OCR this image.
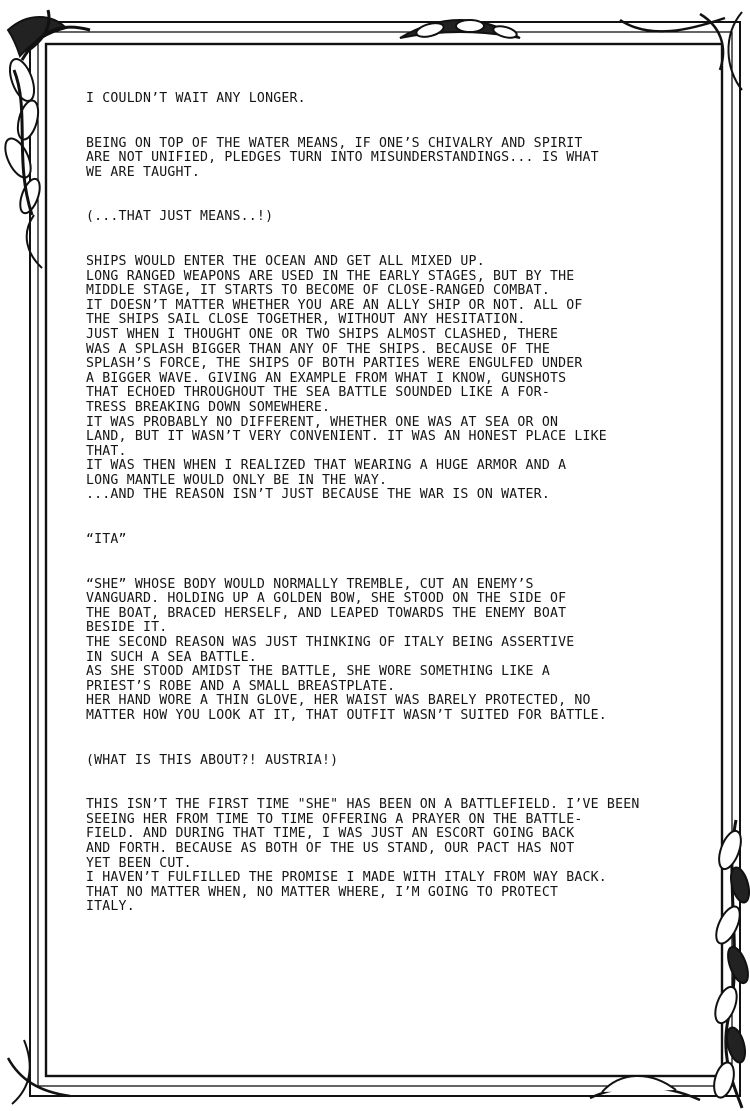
I COULDN’T WAIT ANY LONGER.

BEING ON TOP OF THE WATER MEANS, IF ONE’S CHIVALRY AND SPIRIT
ARE NOT UNIFIED, PLEDGES TURN INTO MISUNDERSTANDINGS... IS WHAT
WE ARE TAUGHT.

(...THAT JUST MEANS..!)

SHIPS WOULD ENTER THE OCEAN AND GET ALL MIXED UP.
LONG RANGED WEAPONS ARE USED IN THE EARLY STAGES, BUT BY THE
MIDDLE STAGE, IT STARTS TO BECOME OF CLOSE-RANGED COMBAT.
IT DOESN’T MATTER WHETHER YOU ARE AN ALLY SHIP OR NOT. ALL OF
THE SHIPS SAIL CLOSE TOGETHER, WITHOUT ANY HESITATION.
JUST WHEN I THOUGHT ONE OR TWO SHIPS ALMOST CLASHED, THERE
WAS A SPLASH BIGGER THAN ANY OF THE SHIPS. BECAUSE OF THE
SPLASH’S FORCE, THE SHIPS OF BOTH PARTIES WERE ENGULFED UNDER
A BIGGER WAVE. GIVING AN EXAMPLE FROM WHAT I KNOW, GUNSHOTS
THAT ECHOED THROUGHOUT THE SEA BATTLE SOUNDED LIKE A FOR-
TRESS BREAKING DOWN SOMEWHERE.
IT WAS PROBABLY NO DIFFERENT, WHETHER ONE WAS AT SEA OR ON
LAND, BUT IT WASN’T VERY CONVENIENT. IT WAS AN HONEST PLACE LIKE
THAT.
IT WAS THEN WHEN I REALIZED THAT WEARING A HUGE ARMOR AND A
LONG MANTLE WOULD ONLY BE IN THE WAY.
...AND THE REASON ISN’T JUST BECAUSE THE WAR IS ON WATER.

“ITA”

“SHE” WHOSE BODY WOULD NORMALLY TREMBLE, CUT AN ENEMY’S
VANGUARD. HOLDING UP A GOLDEN BOW, SHE STOOD ON THE SIDE OF
THE BOAT, BRACED HERSELF, AND LEAPED TOWARDS THE ENEMY BOAT
BESIDE IT.
THE SECOND REASON WAS JUST THINKING OF ITALY BEING ASSERTIVE
IN SUCH A SEA BATTLE.
AS SHE STOOD AMIDST THE BATTLE, SHE WORE SOMETHING LIKE A
PRIEST’S ROBE AND A SMALL BREASTPLATE.
HER HAND WORE A THIN GLOVE, HER WAIST WAS BARELY PROTECTED, NO
MATTER HOW YOU LOOK AT IT, THAT OUTFIT WASN’T SUITED FOR BATTLE.

(WHAT IS THIS ABOUT?! AUSTRIA!)

THIS ISN’T THE FIRST TIME "SHE" HAS BEEN ON A BATTLEFIELD. I’VE BEEN
SEEING HER FROM TIME TO TIME OFFERING A PRAYER ON THE BATTLE-
FIELD. AND DURING THAT TIME, I WAS JUST AN ESCORT GOING BACK
AND FORTH. BECAUSE AS BOTH OF THE US STAND, OUR PACT HAS NOT
YET BEEN CUT.
I HAVEN’T FULFILLED THE PROMISE I MADE WITH ITALY FROM WAY BACK.
THAT NO MATTER WHEN, NO MATTER WHERE, I’M GOING TO PROTECT
ITALY.
